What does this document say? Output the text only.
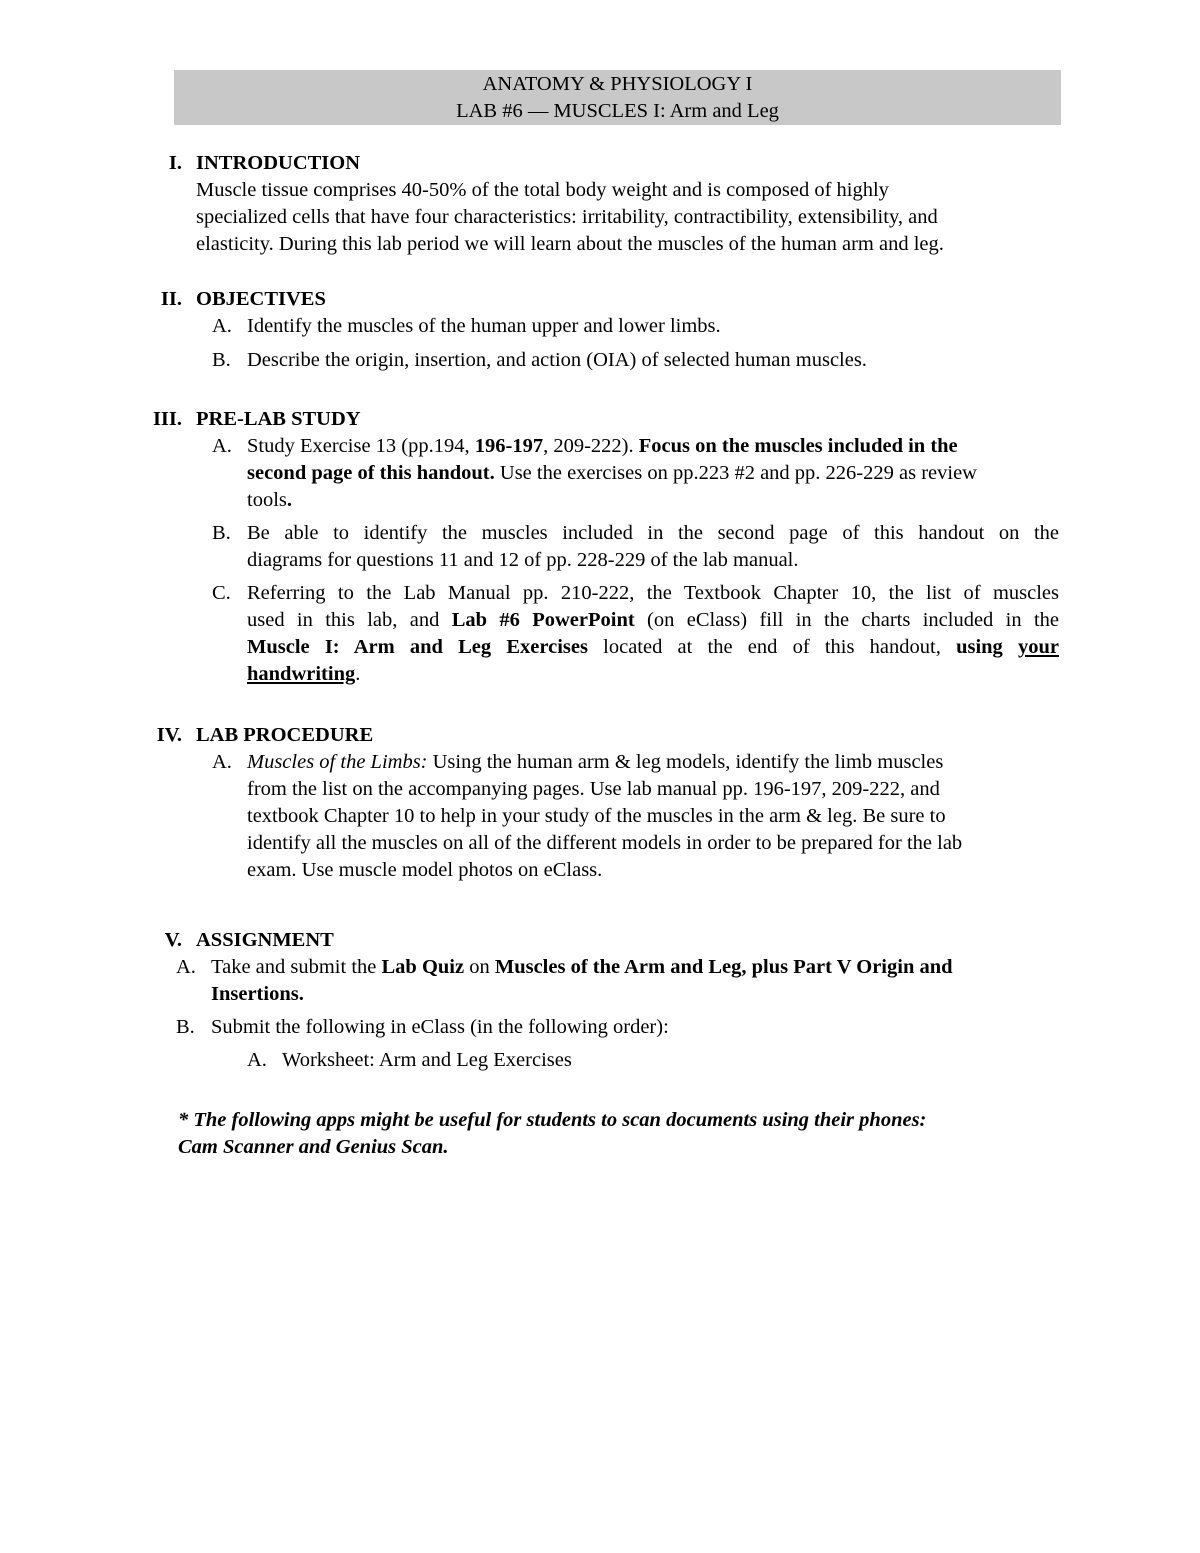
ANATOMY & PHYSIOLOGY I
LAB #6 — MUSCLES I: Arm and Leg
I. INTRODUCTION
Muscle tissue comprises 40-50% of the total body weight and is composed of highly
specialized cells that have four characteristics: irritability, contractibility, extensibility, and
elasticity. During this lab period we will learn about the muscles of the human arm and leg.
II. OBJECTIVES
A. Identify the muscles of the human upper and lower limbs.
B. Describe the origin, insertion, and action (OIA) of selected human muscles.
III. PRE-LAB STUDY
A. Study Exercise 13 (pp.194, 196-197, 209-222). Focus on the muscles included in the
second page of this handout. Use the exercises on pp.223 #2 and pp. 226-229 as review
tools.
B. Be able to identify the muscles included in the second page of this handout on the
diagrams for questions 11 and 12 of pp. 228-229 of the lab manual.
C. Referring to the Lab Manual pp. 210-222, the Textbook Chapter 10, the list of muscles
used in this lab, and Lab #6 PowerPoint (on eClass) fill in the charts included in the
Muscle I: Arm and Leg Exercises located at the end of this handout, using your
handwriting.
IV. LAB PROCEDURE
A. Muscles of the Limbs: Using the human arm & leg models, identify the limb muscles
from the list on the accompanying pages. Use lab manual pp. 196-197, 209-222, and
textbook Chapter 10 to help in your study of the muscles in the arm & leg. Be sure to
identify all the muscles on all of the different models in order to be prepared for the lab
exam. Use muscle model photos on eClass.
V. ASSIGNMENT
A. Take and submit the Lab Quiz on Muscles of the Arm and Leg, plus Part V Origin and
Insertions.
B. Submit the following in eClass (in the following order):
A. Worksheet: Arm and Leg Exercises
* The following apps might be useful for students to scan documents using their phones:
Cam Scanner and Genius Scan.
